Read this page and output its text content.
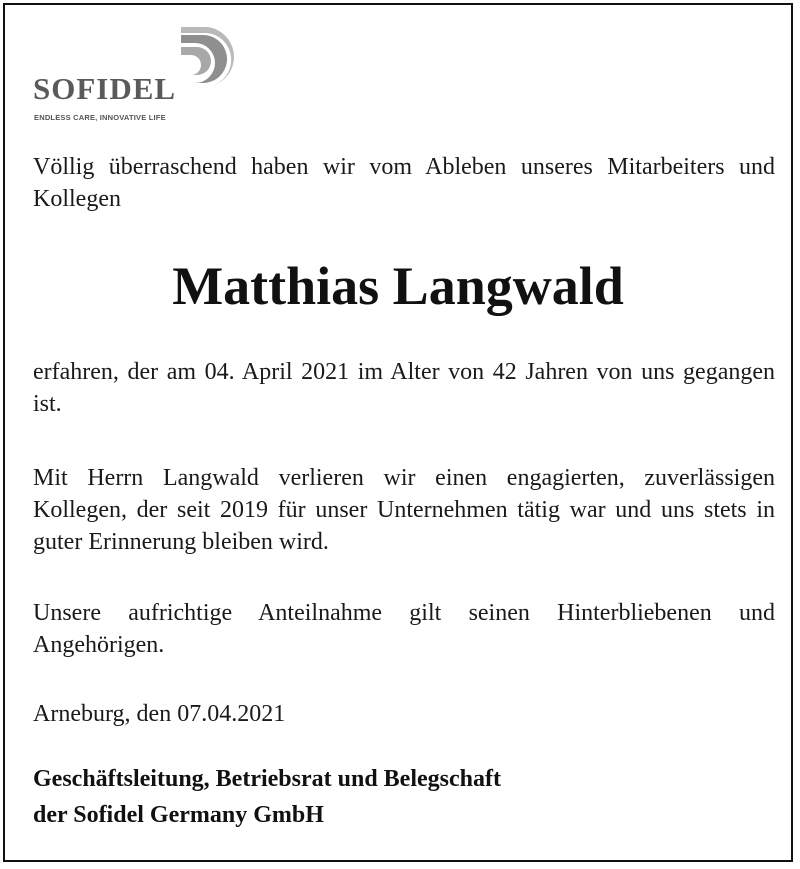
SOFIDEL
ENDLESS CARE, INNOVATIVE LIFE

Völlig überraschend haben wir vom Ableben unseres Mitarbeiters und Kollegen

Matthias Langwald

erfahren, der am 04. April 2021 im Alter von 42 Jahren von uns gegangen ist.

Mit Herrn Langwald verlieren wir einen engagierten, zuverlässigen Kollegen, der seit 2019 für unser Unternehmen tätig war und uns stets in guter Erinnerung bleiben wird.

Unsere aufrichtige Anteilnahme gilt seinen Hinterbliebenen und Angehörigen.

Arneburg, den 07.04.2021

Geschäftsleitung, Betriebsrat und Belegschaft
der Sofidel Germany GmbH
